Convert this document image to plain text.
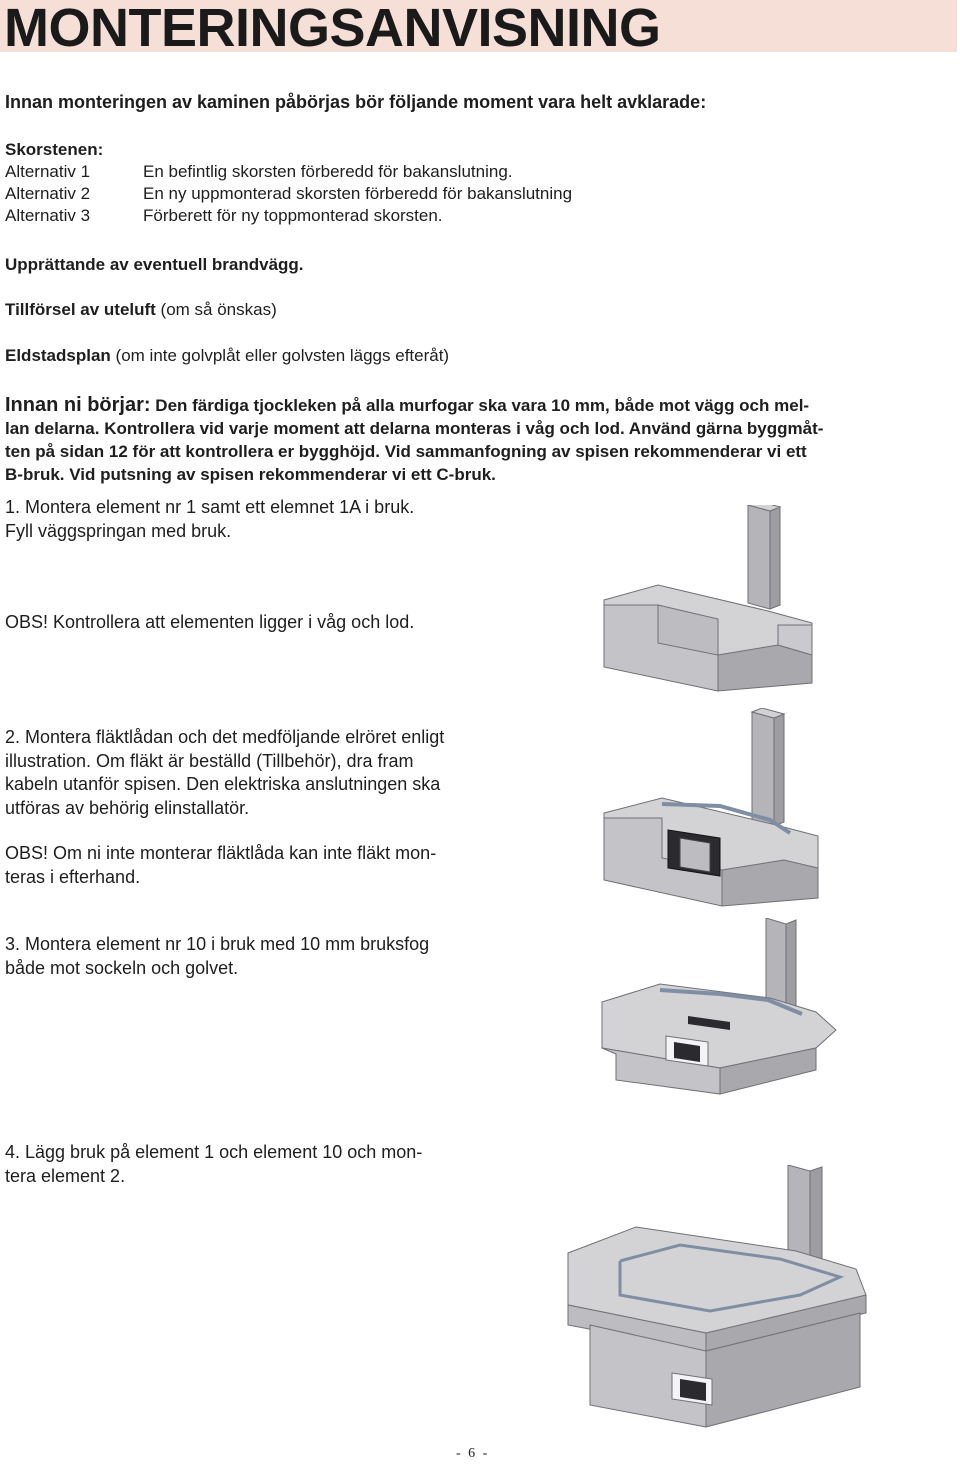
MONTERINGSANVISNING
Innan monteringen av kaminen påbörjas bör följande moment vara helt avklarade:
Skorstenen:
Alternativ 1	En befintlig skorsten förberedd för bakanslutning.
Alternativ 2	En ny uppmonterad skorsten förberedd för bakanslutning
Alternativ 3	Förberett för ny toppmonterad skorsten.
Upprättande av eventuell brandvägg.
Tillförsel av uteluft (om så önskas)
Eldstadsplan (om inte golvplåt eller golvsten läggs efteråt)
Innan ni börjar: Den färdiga tjockleken på alla murfogar ska vara 10 mm, både mot vägg och mel-
lan delarna. Kontrollera vid varje moment att delarna monteras i våg och lod. Använd gärna byggmåt-
ten på sidan 12 för att kontrollera er bygghöjd. Vid sammanfogning av spisen rekommenderar vi ett
B-bruk. Vid putsning av spisen rekommenderar vi ett C-bruk.
1. Montera element nr 1 samt ett elemnet 1A i bruk.
Fyll väggspringan med bruk.
OBS! Kontrollera att elementen ligger i våg och lod.
2. Montera fläktlådan och det medföljande elröret enligt
illustration. Om fläkt är beställd (Tillbehör), dra fram
kabeln utanför spisen. Den elektriska anslutningen ska
utföras av behörig elinstallatör.
OBS! Om ni inte monterar fläktlåda kan inte fläkt mon-
teras i efterhand.
3. Montera element nr 10 i bruk med 10 mm bruksfog
både mot sockeln och golvet.
4. Lägg bruk på element 1 och element 10 och mon-
tera element 2.
- 6 -
